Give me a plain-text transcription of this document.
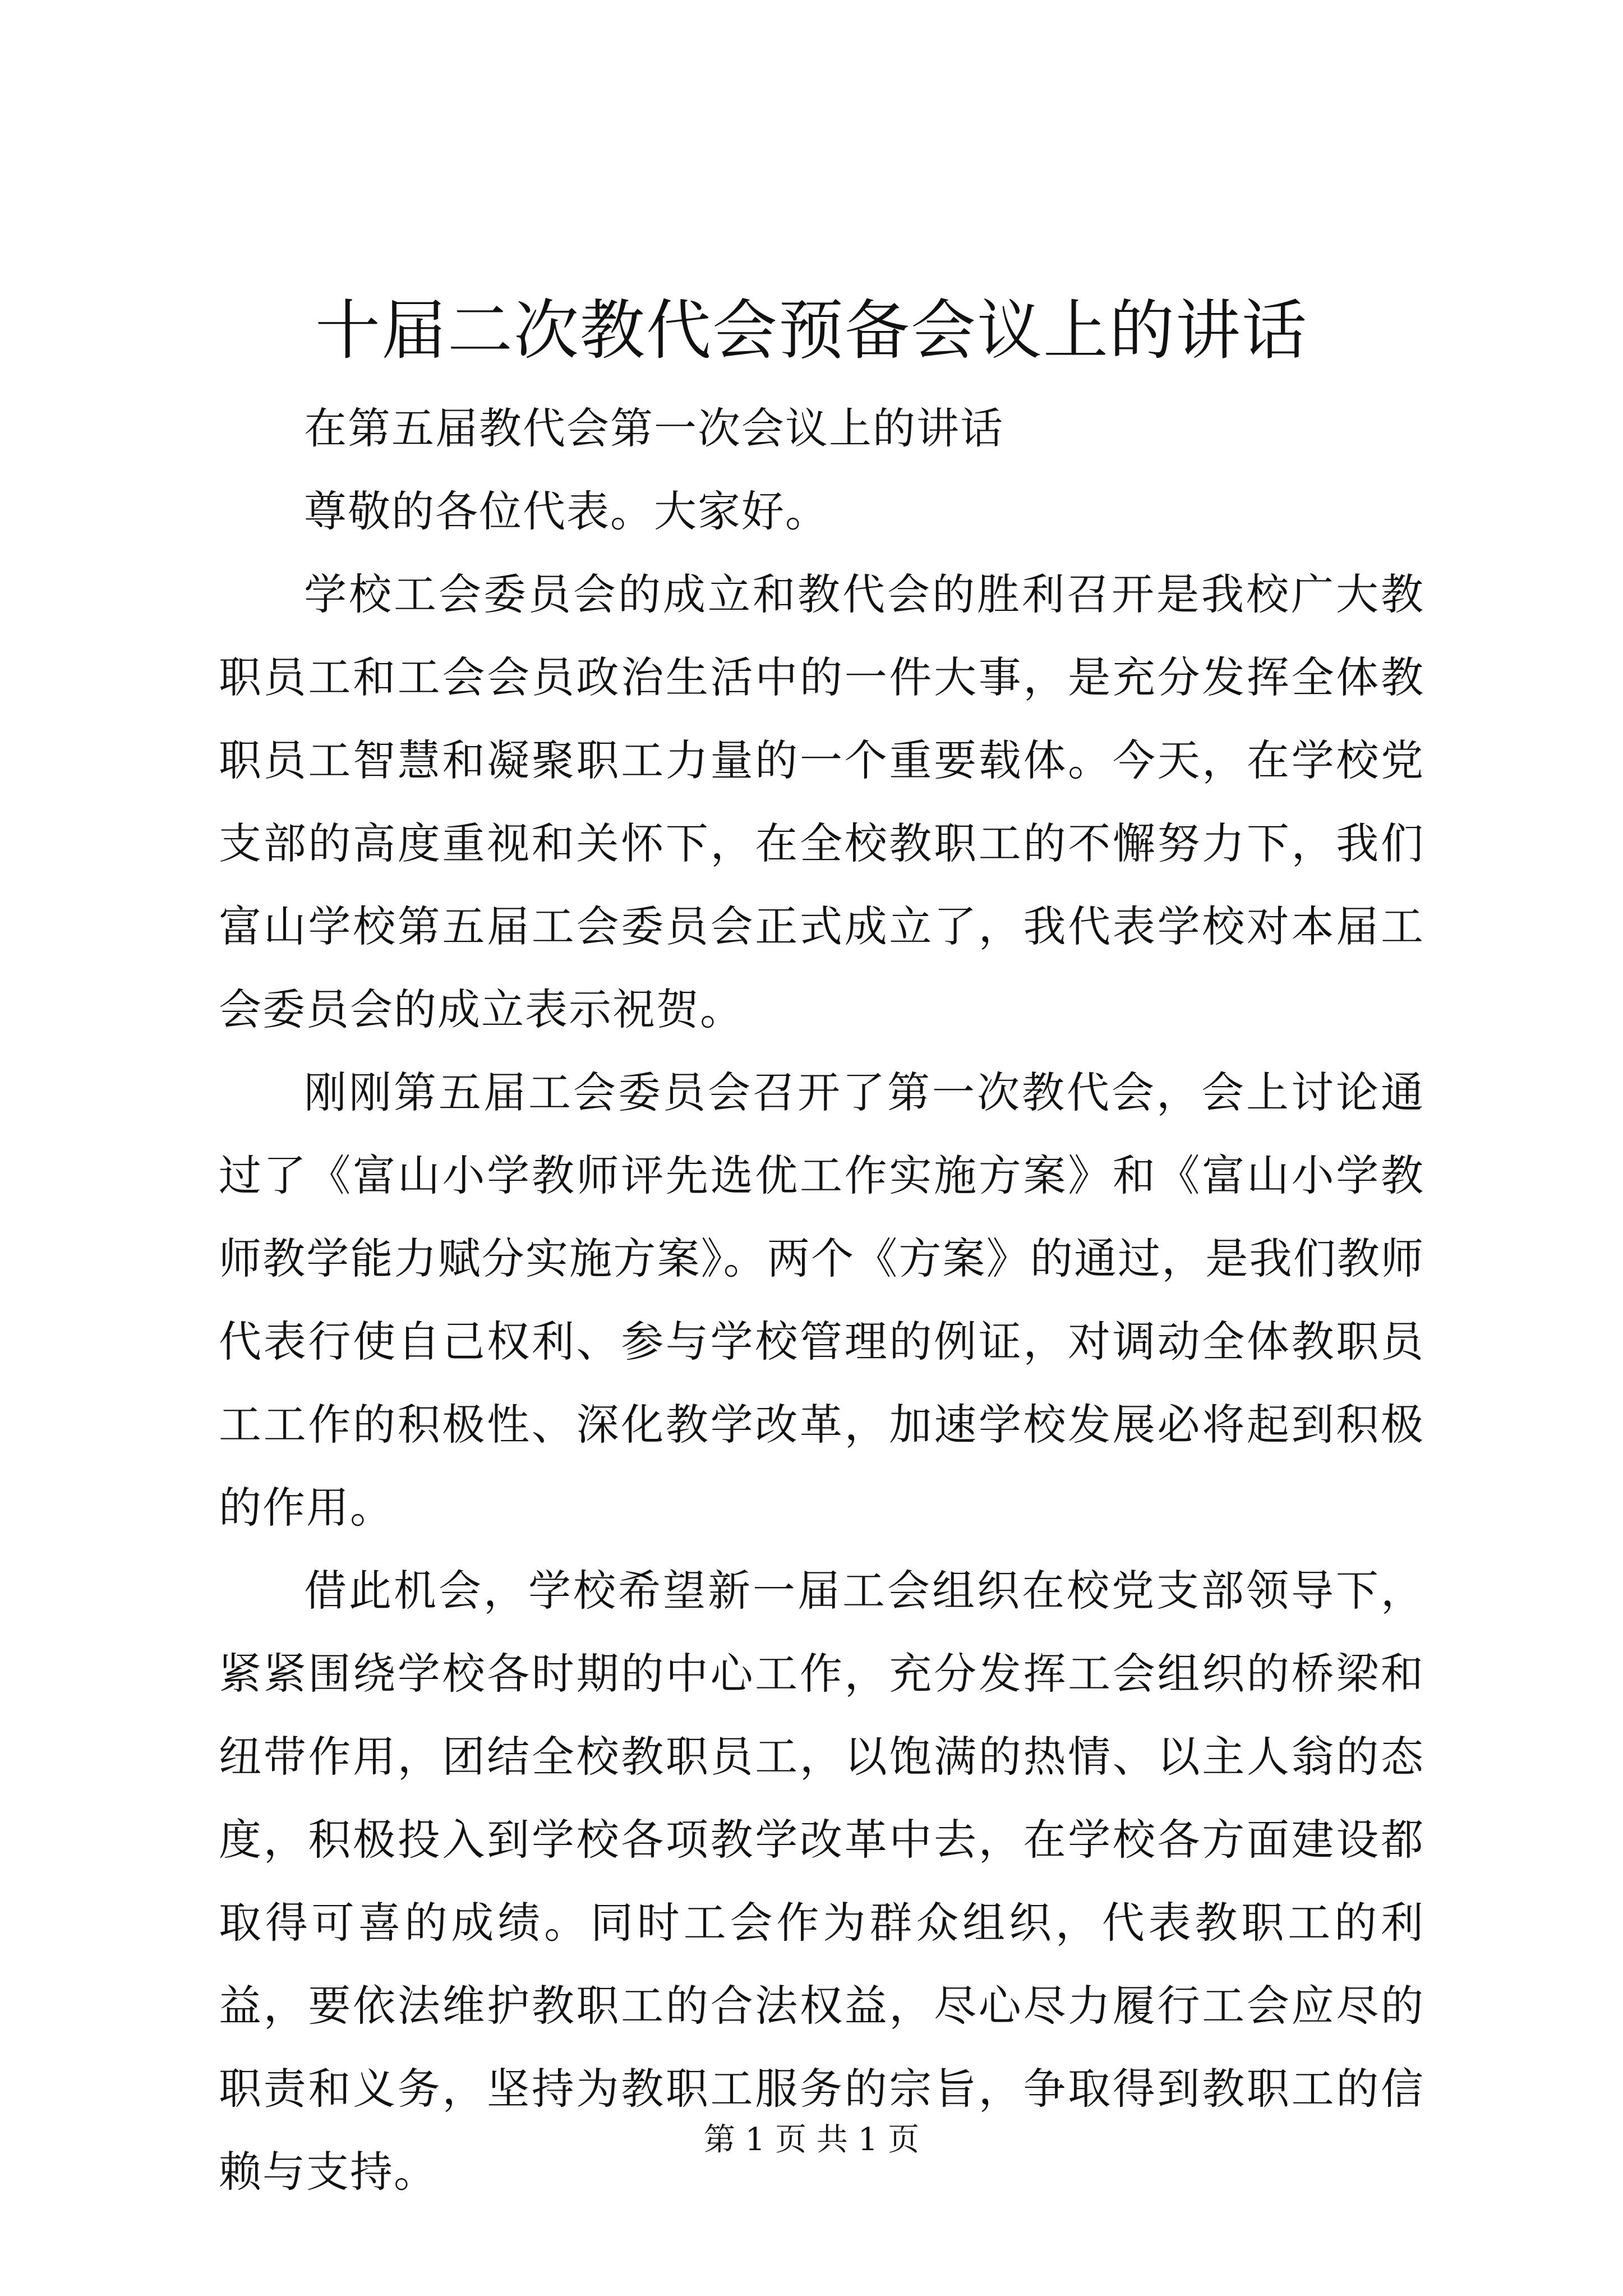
十届二次教代会预备会议上的讲话

在第五届教代会第一次会议上的讲话

尊敬的各位代表。大家好。

学校工会委员会的成立和教代会的胜利召开是我校广大教职员工和工会会员政治生活中的一件大事，是充分发挥全体教职员工智慧和凝聚职工力量的一个重要载体。今天，在学校党支部的高度重视和关怀下，在全校教职工的不懈努力下，我们富山学校第五届工会委员会正式成立了，我代表学校对本届工会委员会的成立表示祝贺。

刚刚第五届工会委员会召开了第一次教代会，会上讨论通过了《富山小学教师评先选优工作实施方案》和《富山小学教师教学能力赋分实施方案》。两个《方案》的通过，是我们教师代表行使自己权利、参与学校管理的例证，对调动全体教职员工工作的积极性、深化教学改革，加速学校发展必将起到积极的作用。

借此机会，学校希望新一届工会组织在校党支部领导下，紧紧围绕学校各时期的中心工作，充分发挥工会组织的桥梁和纽带作用，团结全校教职员工，以饱满的热情、以主人翁的态度，积极投入到学校各项教学改革中去，在学校各方面建设都取得可喜的成绩。同时工会作为群众组织，代表教职工的利益，要依法维护教职工的合法权益，尽心尽力履行工会应尽的职责和义务，坚持为教职工服务的宗旨，争取得到教职工的信赖与支持。

第 1 页 共 1 页
